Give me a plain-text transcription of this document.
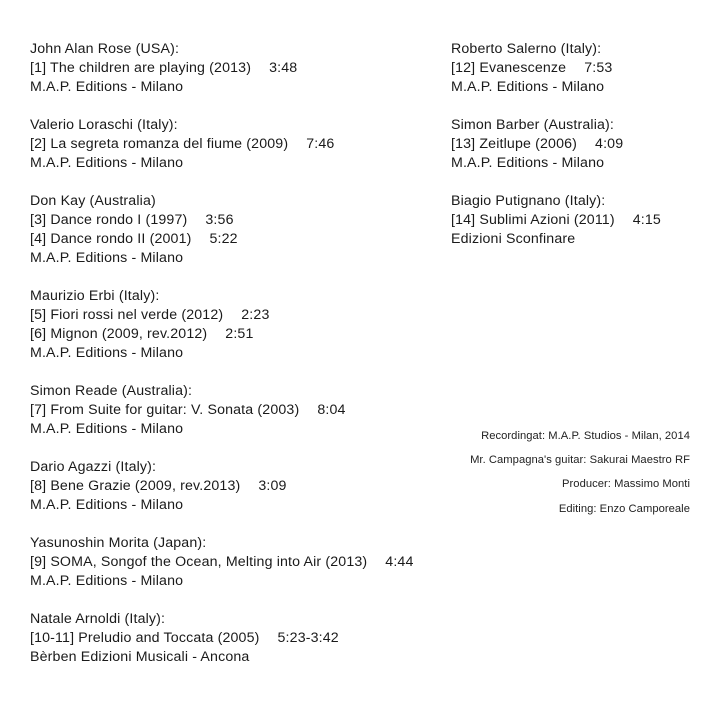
John Alan Rose (USA):
[1] The children are playing (2013) 3:48
M.A.P. Editions - Milano
Valerio Loraschi (Italy):
[2] La segreta romanza del fiume (2009) 7:46
M.A.P. Editions - Milano
Don Kay (Australia)
[3] Dance rondo I (1997) 3:56
[4] Dance rondo II (2001) 5:22
M.A.P. Editions - Milano
Maurizio Erbi (Italy):
[5] Fiori rossi nel verde (2012) 2:23
[6] Mignon (2009, rev.2012) 2:51
M.A.P. Editions - Milano
Simon Reade (Australia):
[7] From Suite for guitar: V. Sonata (2003) 8:04
M.A.P. Editions - Milano
Dario Agazzi (Italy):
[8] Bene Grazie (2009, rev.2013) 3:09
M.A.P. Editions - Milano
Yasunoshin Morita (Japan):
[9] SOMA, Songof the Ocean, Melting into Air (2013) 4:44
M.A.P. Editions - Milano
Natale Arnoldi (Italy):
[10-11] Preludio and Toccata (2005) 5:23-3:42
Bèrben Edizioni Musicali - Ancona
Roberto Salerno (Italy):
[12] Evanescenze 7:53
M.A.P. Editions - Milano
Simon Barber (Australia):
[13] Zeitlupe (2006) 4:09
M.A.P. Editions - Milano
Biagio Putignano (Italy):
[14] Sublimi Azioni (2011) 4:15
Edizioni Sconfinare
Recordingat: M.A.P. Studios - Milan, 2014
Mr. Campagna's guitar: Sakurai Maestro RF
Producer: Massimo Monti
Editing: Enzo Camporeale
